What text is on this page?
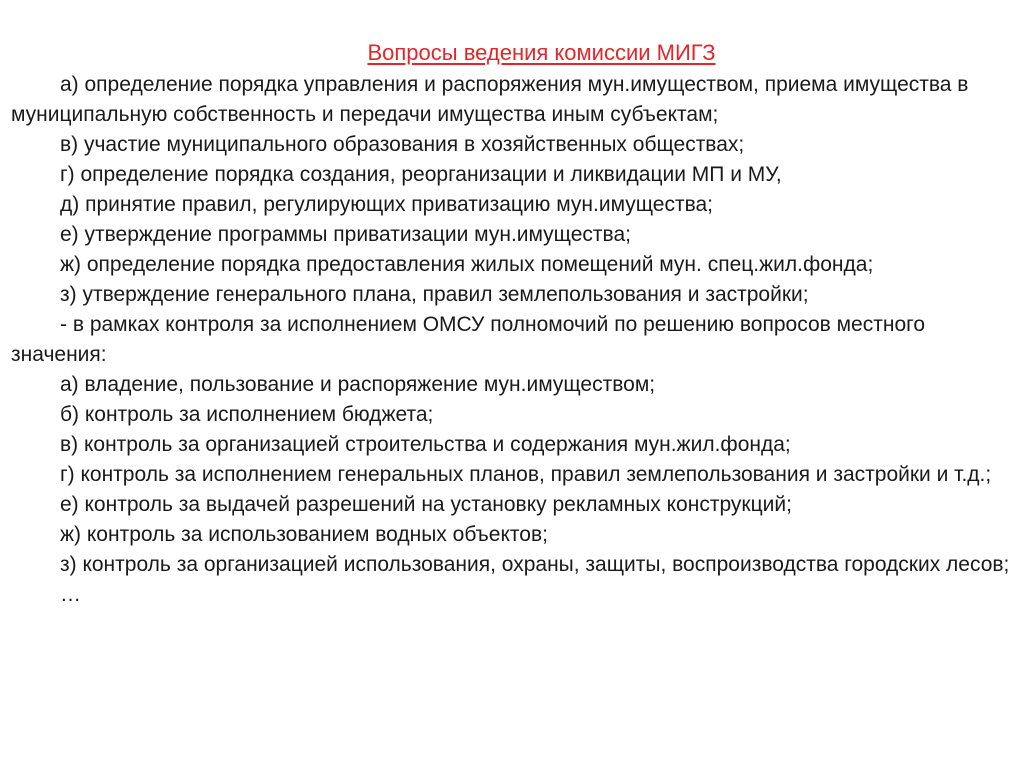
Вопросы ведения комиссии МИГЗ

а) определение порядка управления и распоряжения мун.имуществом, приема имущества в муниципальную собственность и передачи имущества иным субъектам;

в) участие муниципального образования в хозяйственных обществах;

г) определение порядка создания, реорганизации и ликвидации МП и МУ,

д) принятие правил, регулирующих приватизацию мун.имущества;

е) утверждение программы приватизации мун.имущества;

ж) определение порядка предоставления жилых помещений мун. спец.жил.фонда;

з) утверждение генерального плана, правил землепользования и застройки;

- в рамках контроля за исполнением ОМСУ полномочий по решению вопросов местного значения:

а) владение, пользование и распоряжение мун.имуществом;

б) контроль за исполнением бюджета;

в) контроль за организацией строительства и содержания мун.жил.фонда;

г) контроль за исполнением генеральных планов, правил землепользования и застройки и т.д.;

е) контроль за выдачей разрешений на установку рекламных конструкций;

ж) контроль за использованием водных объектов;

з) контроль за организацией использования, охраны, защиты, воспроизводства городских лесов;

…
